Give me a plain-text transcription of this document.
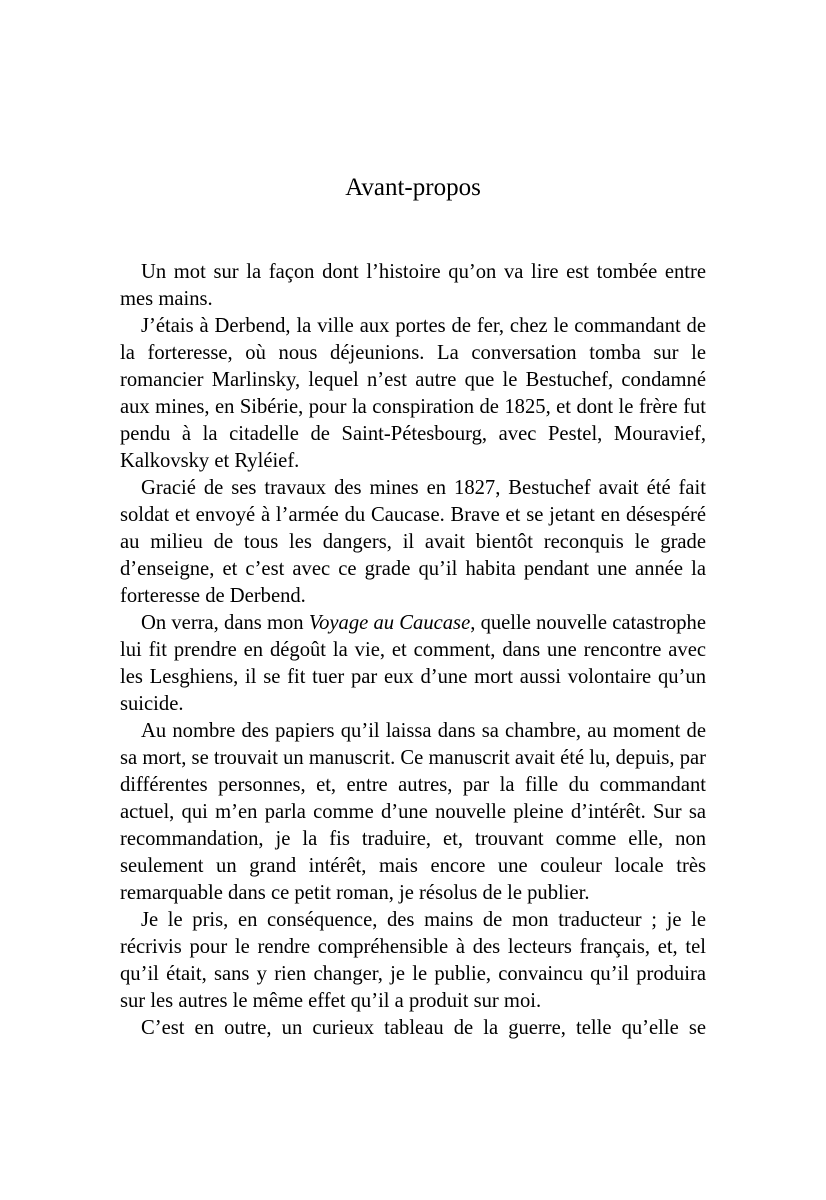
Avant-propos

Un mot sur la façon dont l’histoire qu’on va lire est tombée entre mes mains.

J’étais à Derbend, la ville aux portes de fer, chez le commandant de la forteresse, où nous déjeunions. La conversation tomba sur le romancier Marlinsky, lequel n’est autre que le Bestuchef, condamné aux mines, en Sibérie, pour la conspiration de 1825, et dont le frère fut pendu à la citadelle de Saint-Pétesbourg, avec Pestel, Mouravief, Kalkovsky et Ryléief.

Gracié de ses travaux des mines en 1827, Bestuchef avait été fait soldat et envoyé à l’armée du Caucase. Brave et se jetant en désespéré au milieu de tous les dangers, il avait bientôt reconquis le grade d’enseigne, et c’est avec ce grade qu’il habita pendant une année la forteresse de Derbend.

On verra, dans mon Voyage au Caucase, quelle nouvelle catastrophe lui fit prendre en dégoût la vie, et comment, dans une rencontre avec les Lesghiens, il se fit tuer par eux d’une mort aussi volontaire qu’un suicide.

Au nombre des papiers qu’il laissa dans sa chambre, au moment de sa mort, se trouvait un manuscrit. Ce manuscrit avait été lu, depuis, par différentes personnes, et, entre autres, par la fille du commandant actuel, qui m’en parla comme d’une nouvelle pleine d’intérêt. Sur sa recommandation, je la fis traduire, et, trouvant comme elle, non seulement un grand intérêt, mais encore une couleur locale très remarquable dans ce petit roman, je résolus de le publier.

Je le pris, en conséquence, des mains de mon traducteur ; je le récrivis pour le rendre compréhensible à des lecteurs français, et, tel qu’il était, sans y rien changer, je le publie, convaincu qu’il produira sur les autres le même effet qu’il a produit sur moi.

C’est en outre, un curieux tableau de la guerre, telle qu’elle se
